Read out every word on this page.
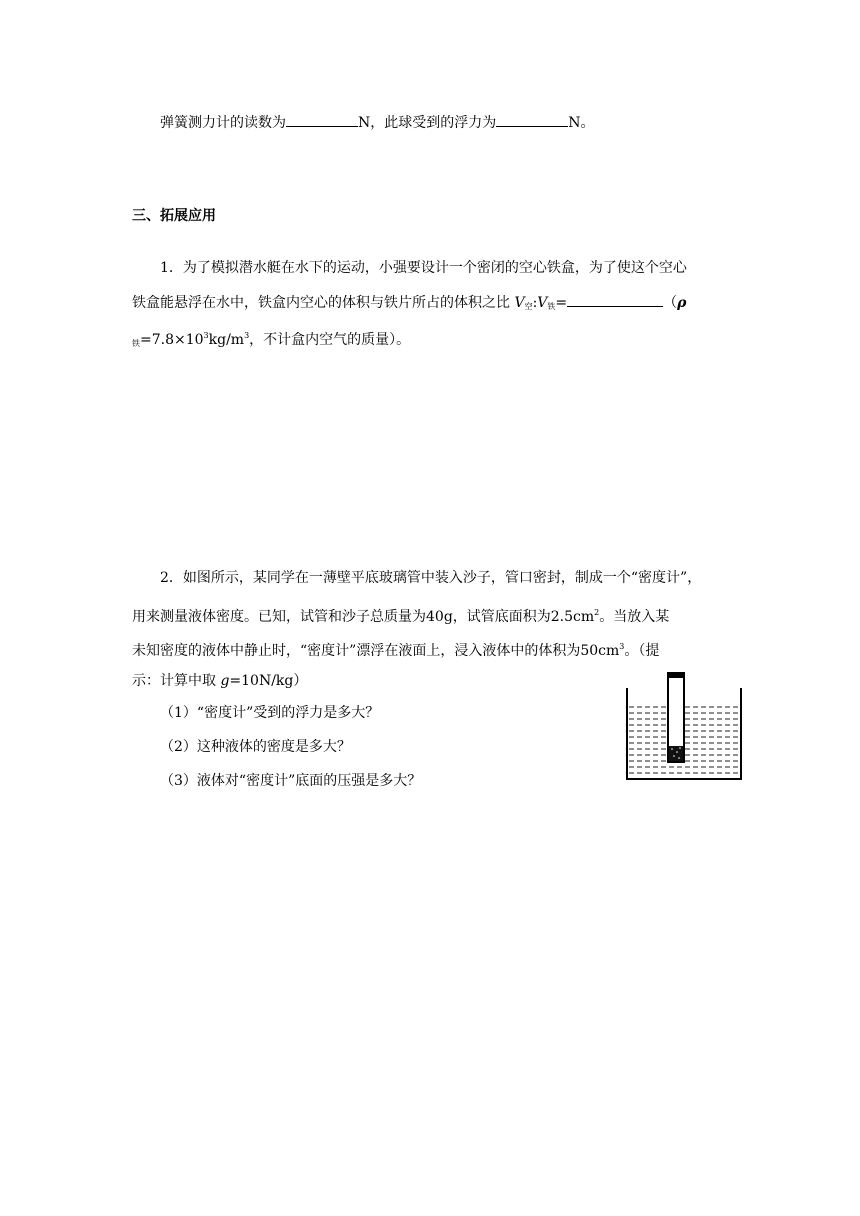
弹簧测力计的读数为	N，此球受到的浮力为	N。
三、拓展应用
1．为了模拟潜水艇在水下的运动，小强要设计一个密闭的空心铁盒，为了使这个空心
铁盒能悬浮在水中，铁盒内空心的体积与铁片所占的体积之比 $V_空:V_铁=$	（ρ
$_铁=7.8\times 10^3kg/m^3$，不计盒内空气的质量）。
2．如图所示，某同学在一薄壁平底玻璃管中装入沙子，管口密封，制成一个“密度计”，
用来测量液体密度。已知，试管和沙子总质量为40g，试管底面积为$2.5cm^2$。当放入某
未知密度的液体中静止时，“密度计”漂浮在液面上，浸入液体中的体积为$50cm^3$。（提
示：计算中取 g=10N/kg）
（1）“密度计”受到的浮力是多大？
（2）这种液体的密度是多大？
（3）液体对“密度计”底面的压强是多大？
